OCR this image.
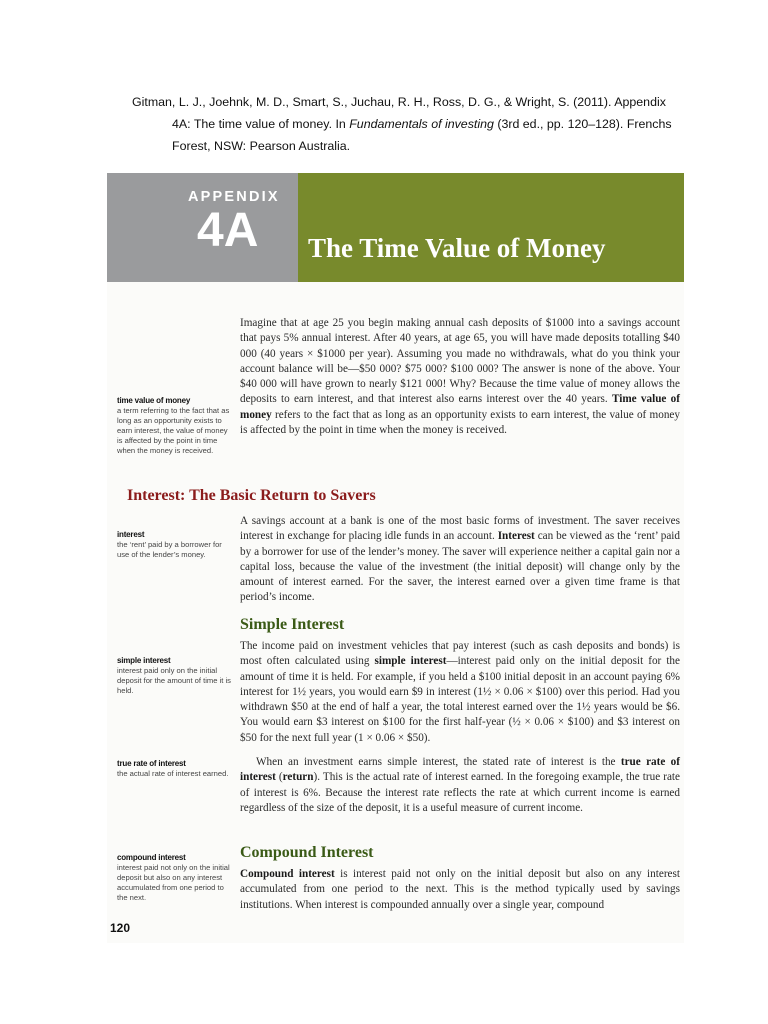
Gitman, L. J., Joehnk, M. D., Smart, S., Juchau, R. H., Ross, D. G., & Wright, S. (2011). Appendix
4A: The time value of money. In Fundamentals of investing (3rd ed., pp. 120–128). Frenchs
Forest, NSW: Pearson Australia.
APPENDIX
4A The Time Value of Money
Imagine that at age 25 you begin making annual cash deposits of $1000 into a savings account that pays 5% annual interest. After 40 years, at age 65, you will have made deposits totalling $40 000 (40 years × $1000 per year). Assuming you made no withdrawals, what do you think your account balance will be—$50 000? $75 000? $100 000? The answer is none of the above. Your $40 000 will have grown to nearly $121 000! Why? Because the time value of money allows the deposits to earn interest, and that interest also earns interest over the 40 years. Time value of money refers to the fact that as long as an opportunity exists to earn interest, the value of money is affected by the point in time when the money is received.
time value of money
a term referring to the fact that as long as an opportunity exists to earn interest, the value of money is affected by the point in time when the money is received.
Interest: The Basic Return to Savers
A savings account at a bank is one of the most basic forms of investment. The saver receives interest in exchange for placing idle funds in an account. Interest can be viewed as the ‘rent’ paid by a borrower for use of the lender’s money. The saver will experience neither a capital gain nor a capital loss, because the value of the investment (the initial deposit) will change only by the amount of interest earned. For the saver, the interest earned over a given time frame is that period’s income.
interest
the ‘rent’ paid by a borrower for use of the lender’s money.
Simple Interest
The income paid on investment vehicles that pay interest (such as cash deposits and bonds) is most often calculated using simple interest—interest paid only on the initial deposit for the amount of time it is held. For example, if you held a $100 initial deposit in an account paying 6% interest for 1½ years, you would earn $9 in interest (1½ × 0.06 × $100) over this period. Had you withdrawn $50 at the end of half a year, the total interest earned over the 1½ years would be $6. You would earn $3 interest on $100 for the first half-year (½ × 0.06 × $100) and $3 interest on $50 for the next full year (1 × 0.06 × $50).
When an investment earns simple interest, the stated rate of interest is the true rate of interest (return). This is the actual rate of interest earned. In the foregoing example, the true rate of interest is 6%. Because the interest rate reflects the rate at which current income is earned regardless of the size of the deposit, it is a useful measure of current income.
simple interest
interest paid only on the initial deposit for the amount of time it is held.
true rate of interest
the actual rate of interest earned.
Compound Interest
Compound interest is interest paid not only on the initial deposit but also on any interest accumulated from one period to the next. This is the method typically used by savings institutions. When interest is compounded annually over a single year, compound
compound interest
interest paid not only on the initial deposit but also on any interest accumulated from one period to the next.
120
